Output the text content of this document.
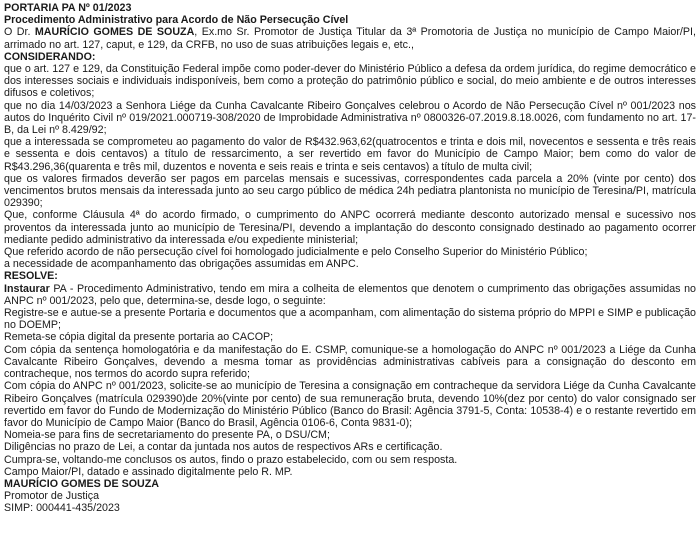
PORTARIA PA Nº 01/2023

Procedimento Administrativo para Acordo de Não Persecução Cível

O Dr. MAURÍCIO GOMES DE SOUZA, Ex.mo Sr. Promotor de Justiça Titular da 3ª Promotoria de Justiça no município de Campo Maior/PI, arrimado no art. 127, caput, e 129, da CRFB, no uso de suas atribuições legais e, etc.,

CONSIDERANDO:

que o art. 127 e 129, da Constituição Federal impõe como poder-dever do Ministério Público a defesa da ordem jurídica, do regime democrático e dos interesses sociais e individuais indisponíveis, bem como a proteção do patrimônio público e social, do meio ambiente e de outros interesses difusos e coletivos;

que no dia 14/03/2023 a Senhora Liége da Cunha Cavalcante Ribeiro Gonçalves celebrou o Acordo de Não Persecução Cível nº 001/2023 nos autos do Inquérito Civil nº 019/2021.000719-308/2020 de Improbidade Administrativa nº 0800326-07.2019.8.18.0026, com fundamento no art. 17-B, da Lei nº 8.429/92;

que a interessada se comprometeu ao pagamento do valor de R$432.963,62(quatrocentos e trinta e dois mil, novecentos e sessenta e três reais e sessenta e dois centavos) a título de ressarcimento, a ser revertido em favor do Município de Campo Maior; bem como do valor de R$43.296,36(quarenta e três mil, duzentos e noventa e seis reais e trinta e seis centavos) a título de multa civil;

que os valores firmados deverão ser pagos em parcelas mensais e sucessivas, correspondentes cada parcela a 20% (vinte por cento) dos vencimentos brutos mensais da interessada junto ao seu cargo público de médica 24h pediatra plantonista no município de Teresina/PI, matrícula 029390;

Que, conforme Cláusula 4ª do acordo firmado, o cumprimento do ANPC ocorrerá mediante desconto autorizado mensal e sucessivo nos proventos da interessada junto ao município de Teresina/PI, devendo a implantação do desconto consignado destinado ao pagamento ocorrer mediante pedido administrativo da interessada e/ou expediente ministerial;

Que referido acordo de não persecução cível foi homologado judicialmente e pelo Conselho Superior do Ministério Público;

a necessidade de acompanhamento das obrigações assumidas em ANPC.

RESOLVE:

Instaurar PA - Procedimento Administrativo, tendo em mira a colheita de elementos que denotem o cumprimento das obrigações assumidas no ANPC nº 001/2023, pelo que, determina-se, desde logo, o seguinte:

Registre-se e autue-se a presente Portaria e documentos que a acompanham, com alimentação do sistema próprio do MPPI e SIMP e publicação no DOEMP;

Remeta-se cópia digital da presente portaria ao CACOP;

Com cópia da sentença homologatória e da manifestação do E. CSMP, comunique-se a homologação do ANPC nº 001/2023 a Liége da Cunha Cavalcante Ribeiro Gonçalves, devendo a mesma tomar as providências administrativas cabíveis para a consignação do desconto em contracheque, nos termos do acordo supra referido;

Com cópia do ANPC nº 001/2023, solicite-se ao município de Teresina a consignação em contracheque da servidora Liége da Cunha Cavalcante Ribeiro Gonçalves (matrícula 029390)de 20%(vinte por cento) de sua remuneração bruta, devendo 10%(dez por cento) do valor consignado ser revertido em favor do Fundo de Modernização do Ministério Público (Banco do Brasil: Agência 3791-5, Conta: 10538-4) e o restante revertido em favor do Município de Campo Maior (Banco do Brasil, Agência 0106-6, Conta 9831-0);

Nomeia-se para fins de secretariamento do presente PA, o DSU/CM;

Diligências no prazo de Lei, a contar da juntada nos autos de respectivos ARs e certificação.

Cumpra-se, voltando-me conclusos os autos, findo o prazo estabelecido, com ou sem resposta.

Campo Maior/PI, datado e assinado digitalmente pelo R. MP.

MAURÍCIO GOMES DE SOUZA

Promotor de Justiça

SIMP: 000441-435/2023
